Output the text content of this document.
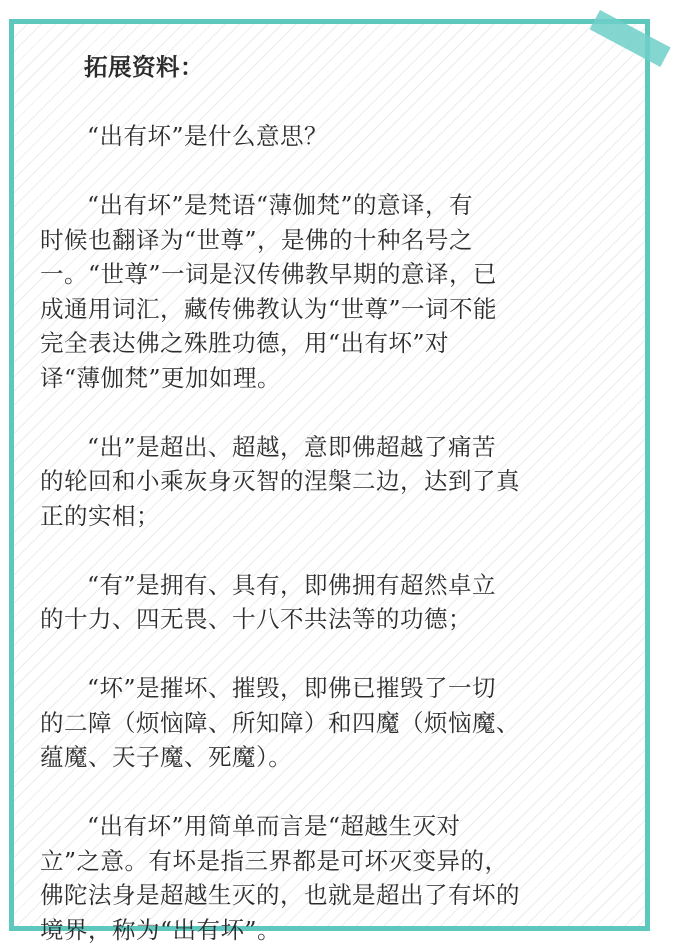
拓展资料：
“出有坏”是什么意思？
“出有坏”是梵语“薄伽梵”的意译，有
时候也翻译为“世尊”，是佛的十种名号之
一。“世尊”一词是汉传佛教早期的意译，已
成通用词汇，藏传佛教认为“世尊”一词不能
完全表达佛之殊胜功德，用“出有坏”对
译“薄伽梵”更加如理。
“出”是超出、超越，意即佛超越了痛苦
的轮回和小乘灰身灭智的涅槃二边，达到了真
正的实相；
“有”是拥有、具有，即佛拥有超然卓立
的十力、四无畏、十八不共法等的功德；
“坏”是摧坏、摧毁，即佛已摧毁了一切
的二障（烦恼障、所知障）和四魔（烦恼魔、
蕴魔、天子魔、死魔）。
“出有坏”用简单而言是“超越生灭对
立”之意。有坏是指三界都是可坏灭变异的，
佛陀法身是超越生灭的，也就是超出了有坏的
境界，称为“出有坏”。
